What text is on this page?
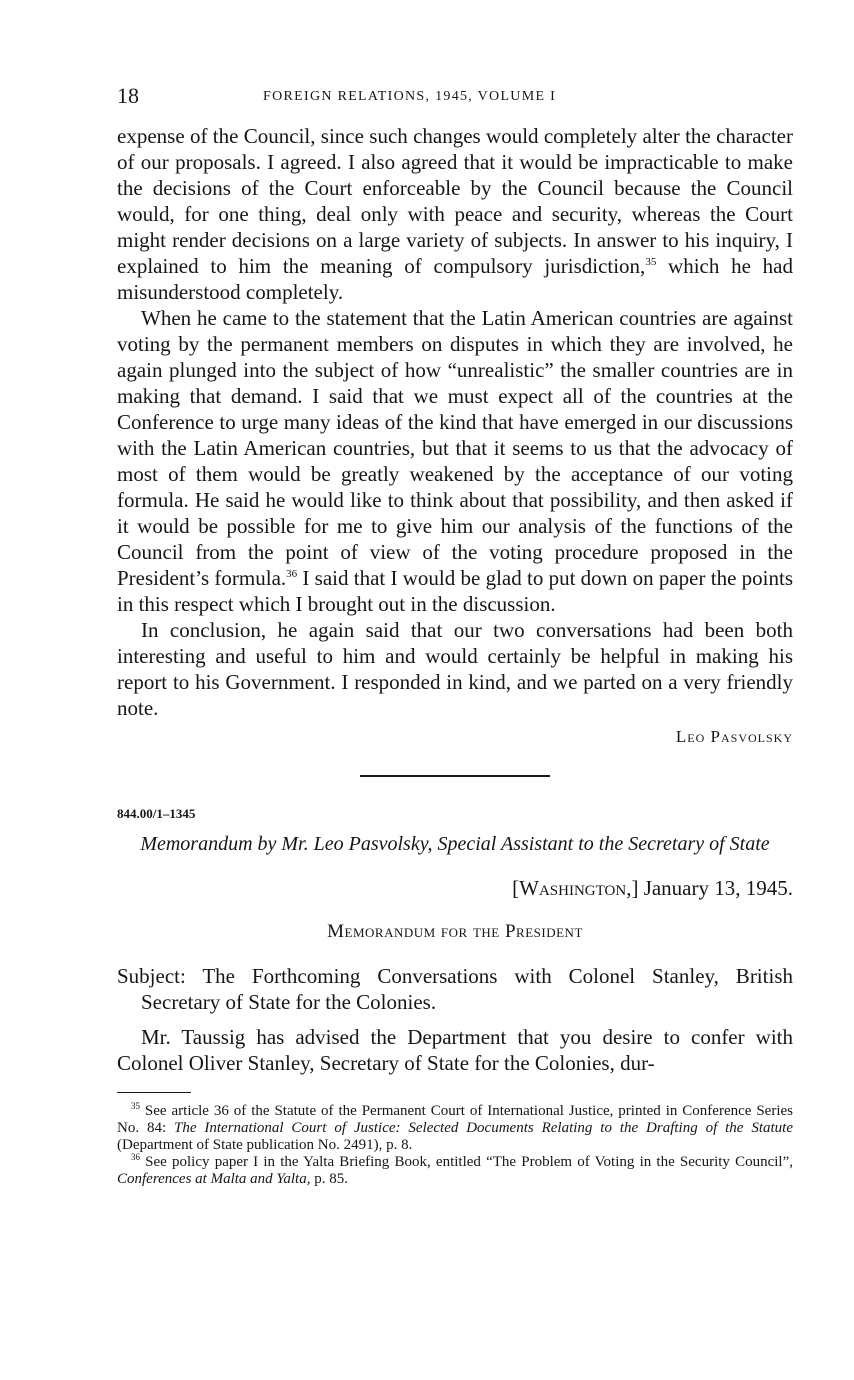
18	FOREIGN RELATIONS, 1945, VOLUME I

expense of the Council, since such changes would completely alter the character of our proposals. I agreed. I also agreed that it would be impracticable to make the decisions of the Court enforceable by the Council because the Council would, for one thing, deal only with peace and security, whereas the Court might render decisions on a large variety of subjects. In answer to his inquiry, I explained to him the meaning of compulsory jurisdiction,$^{35}$ which he had misunderstood completely.

When he came to the statement that the Latin American countries are against voting by the permanent members on disputes in which they are involved, he again plunged into the subject of how “unrealistic” the smaller countries are in making that demand. I said that we must expect all of the countries at the Conference to urge many ideas of the kind that have emerged in our discussions with the Latin American countries, but that it seems to us that the advocacy of most of them would be greatly weakened by the acceptance of our voting formula. He said he would like to think about that possibility, and then asked if it would be possible for me to give him our analysis of the functions of the Council from the point of view of the voting procedure proposed in the President’s formula.$^{36}$ I said that I would be glad to put down on paper the points in this respect which I brought out in the discussion.

In conclusion, he again said that our two conversations had been both interesting and useful to him and would certainly be helpful in making his report to his Government. I responded in kind, and we parted on a very friendly note.

Leo Pasvolsky
844.00/1–1345
Memorandum by Mr. Leo Pasvolsky, Special Assistant to the Secretary of State
[Washington,] January 13, 1945.
Memorandum for the President
Subject: The Forthcoming Conversations with Colonel Stanley, British Secretary of State for the Colonies.

Mr. Taussig has advised the Department that you desire to confer with Colonel Oliver Stanley, Secretary of State for the Colonies, dur-

$^{35}$ See article 36 of the Statute of the Permanent Court of International Justice, printed in Conference Series No. 84: The International Court of Justice: Selected Documents Relating to the Drafting of the Statute (Department of State publication No. 2491), p. 8.

$^{36}$ See policy paper I in the Yalta Briefing Book, entitled “The Problem of Voting in the Security Council”, Conferences at Malta and Yalta, p. 85.
